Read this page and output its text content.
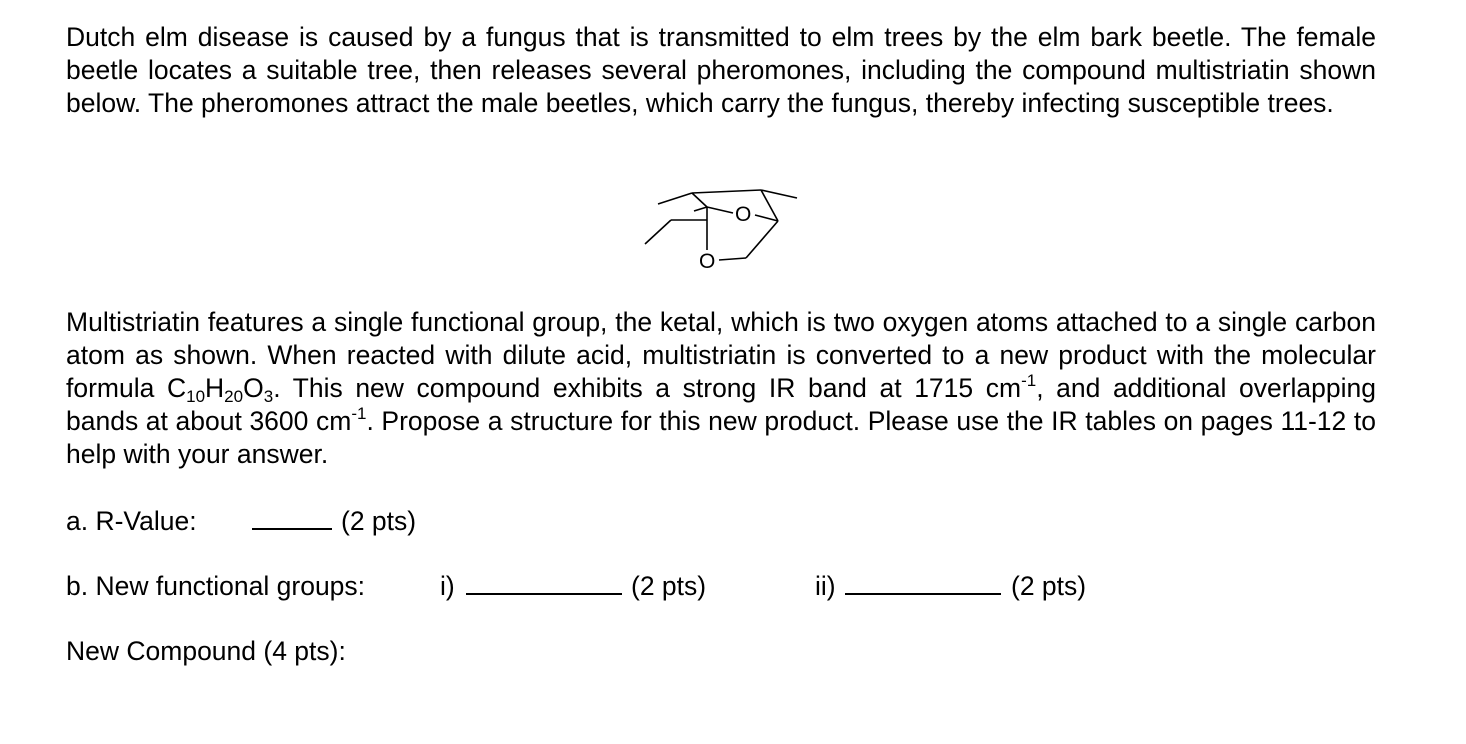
Dutch elm disease is caused by a fungus that is transmitted to elm trees by the elm bark beetle. The female beetle locates a suitable tree, then releases several pheromones, including the compound multistriatin shown below. The pheromones attract the male beetles, which carry the fungus, thereby infecting susceptible trees.

O
O

Multistriatin features a single functional group, the ketal, which is two oxygen atoms attached to a single carbon atom as shown. When reacted with dilute acid, multistriatin is converted to a new product with the molecular formula $C_{10}H_{20}O_3$. This new compound exhibits a strong IR band at 1715 $cm^{-1}$, and additional overlapping bands at about 3600 $cm^{-1}$. Propose a structure for this new product. Please use the IR tables on pages 11-12 to help with your answer.

a. R-Value:	(2 pts)
b. New functional groups:	i)	(2 pts)	ii)	(2 pts)
New Compound (4 pts):
